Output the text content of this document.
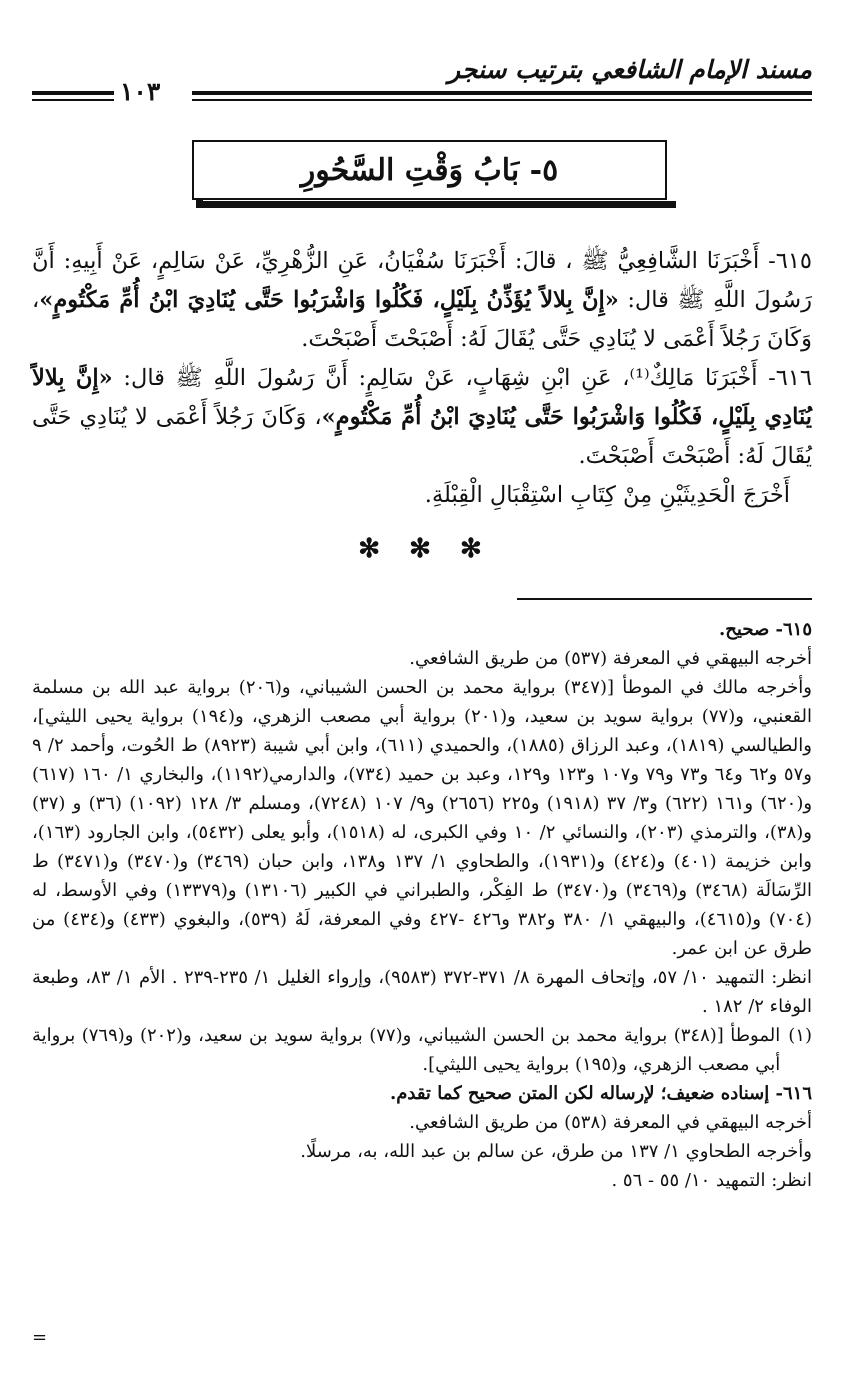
مسند الإمام الشافعي بترتيب سنجر
١٠٣
٥- بَابُ وَقْتِ السَّحُورِ

٦١٥- أَخْبَرَنَا الشَّافِعِيُّ ﷺ ، قالَ: أَخْبَرَنَا سُفْيَانُ، عَنِ الزُّهْرِيِّ، عَنْ سَالِمٍ، عَنْ أَبِيهِ: أَنَّ رَسُولَ اللَّهِ ﷺ قال: «إِنَّ بِلالاً يُؤَذِّنُ بِلَيْلٍ، فَكُلُوا وَاشْرَبُوا حَتَّى يُنَادِيَ ابْنُ أُمِّ مَكْتُومٍ»، وَكَانَ رَجُلاً أَعْمَى لا يُنَادِي حَتَّى يُقَالَ لَهُ: أَصْبَحْتَ أَصْبَحْتَ.

٦١٦- أَخْبَرَنَا مَالِكٌ⁽¹⁾، عَنِ ابْنِ شِهَابٍ، عَنْ سَالِمٍ: أَنَّ رَسُولَ اللَّهِ ﷺ قال: «إِنَّ بِلالاً يُنَادِي بِلَيْلٍ، فَكُلُوا وَاشْرَبُوا حَتَّى يُنَادِيَ ابْنُ أُمِّ مَكْتُومٍ»، وَكَانَ رَجُلاً أَعْمَى لا يُنَادِي حَتَّى يُقَالَ لَهُ: أَصْبَحْتَ أَصْبَحْتَ.

أَخْرَجَ الْحَدِيثَيْنِ مِنْ كِتَابِ اسْتِقْبَالِ الْقِبْلَةِ.

✻ ✻ ✻

٦١٥- صحيح.

أخرجه البيهقي في المعرفة (٥٣٧) من طريق الشافعي.

وأخرجه مالك في الموطأ [(٣٤٧) برواية محمد بن الحسن الشيباني، و(٢٠٦) برواية عبد الله بن مسلمة القعنبي، و(٧٧) برواية سويد بن سعيد، و(٢٠١) برواية أبي مصعب الزهري، و(١٩٤) برواية يحيى الليثي]، والطيالسي (١٨١٩)، وعبد الرزاق (١٨٨٥)، والحميدي (٦١١)، وابن أبي شيبة (٨٩٢٣) ط الحُوت، وأحمد ٢/ ٩ و٥٧ و٦٢ و٦٤ و٧٣ و٧٩ و١٠٧ و١٢٣ و١٢٩، وعبد بن حميد (٧٣٤)، والدارمي(١١٩٢)، والبخاري ١/ ١٦٠ (٦١٧) و(٦٢٠) و١٦١ (٦٢٢) و٣/ ٣٧ (١٩١٨) و٢٢٥ (٢٦٥٦) و٩/ ١٠٧ (٧٢٤٨)، ومسلم ٣/ ١٢٨ (١٠٩٢) (٣٦) و (٣٧) و(٣٨)، والترمذي (٢٠٣)، والنسائي ٢/ ١٠ وفي الكبرى، له (١٥١٨)، وأبو يعلى (٥٤٣٢)، وابن الجارود (١٦٣)، وابن خزيمة (٤٠١) و(٤٢٤) و(١٩٣١)، والطحاوي ١/ ١٣٧ و١٣٨، وابن حبان (٣٤٦٩) و(٣٤٧٠) و(٣٤٧١) ط الرِّسَالَة (٣٤٦٨) و(٣٤٦٩) و(٣٤٧٠) ط الفِكْر، والطبراني في الكبير (١٣١٠٦) و(١٣٣٧٩) وفي الأوسط، له (٧٠٤) و(٤٦١٥)، والبيهقي ١/ ٣٨٠ و٣٨٢ و٤٢٦ -٤٢٧ وفي المعرفة، لَهُ (٥٣٩)، والبغوي (٤٣٣) و(٤٣٤) من طرق عن ابن عمر.

انظر: التمهيد ١٠/ ٥٧، وإتحاف المهرة ٨/ ٣٧١-٣٧٢ (٩٥٨٣)، وإرواء الغليل ١/ ٢٣٥-٢٣٩ . الأم ١/ ٨٣، وطبعة الوفاء ٢/ ١٨٢ .

(١)
الموطأ [(٣٤٨) برواية محمد بن الحسن الشيباني، و(٧٧) برواية سويد بن سعيد، و(٢٠٢) و(٧٦٩) برواية أبي مصعب الزهري، و(١٩٥) برواية يحيى الليثي].

٦١٦- إسناده ضعيف؛ لإرساله لكن المتن صحيح كما تقدم.

أخرجه البيهقي في المعرفة (٥٣٨) من طريق الشافعي.

وأخرجه الطحاوي ١/ ١٣٧ من طرق، عن سالم بن عبد الله، به، مرسلًا.

انظر: التمهيد ١٠/ ٥٥ - ٥٦ .

=
